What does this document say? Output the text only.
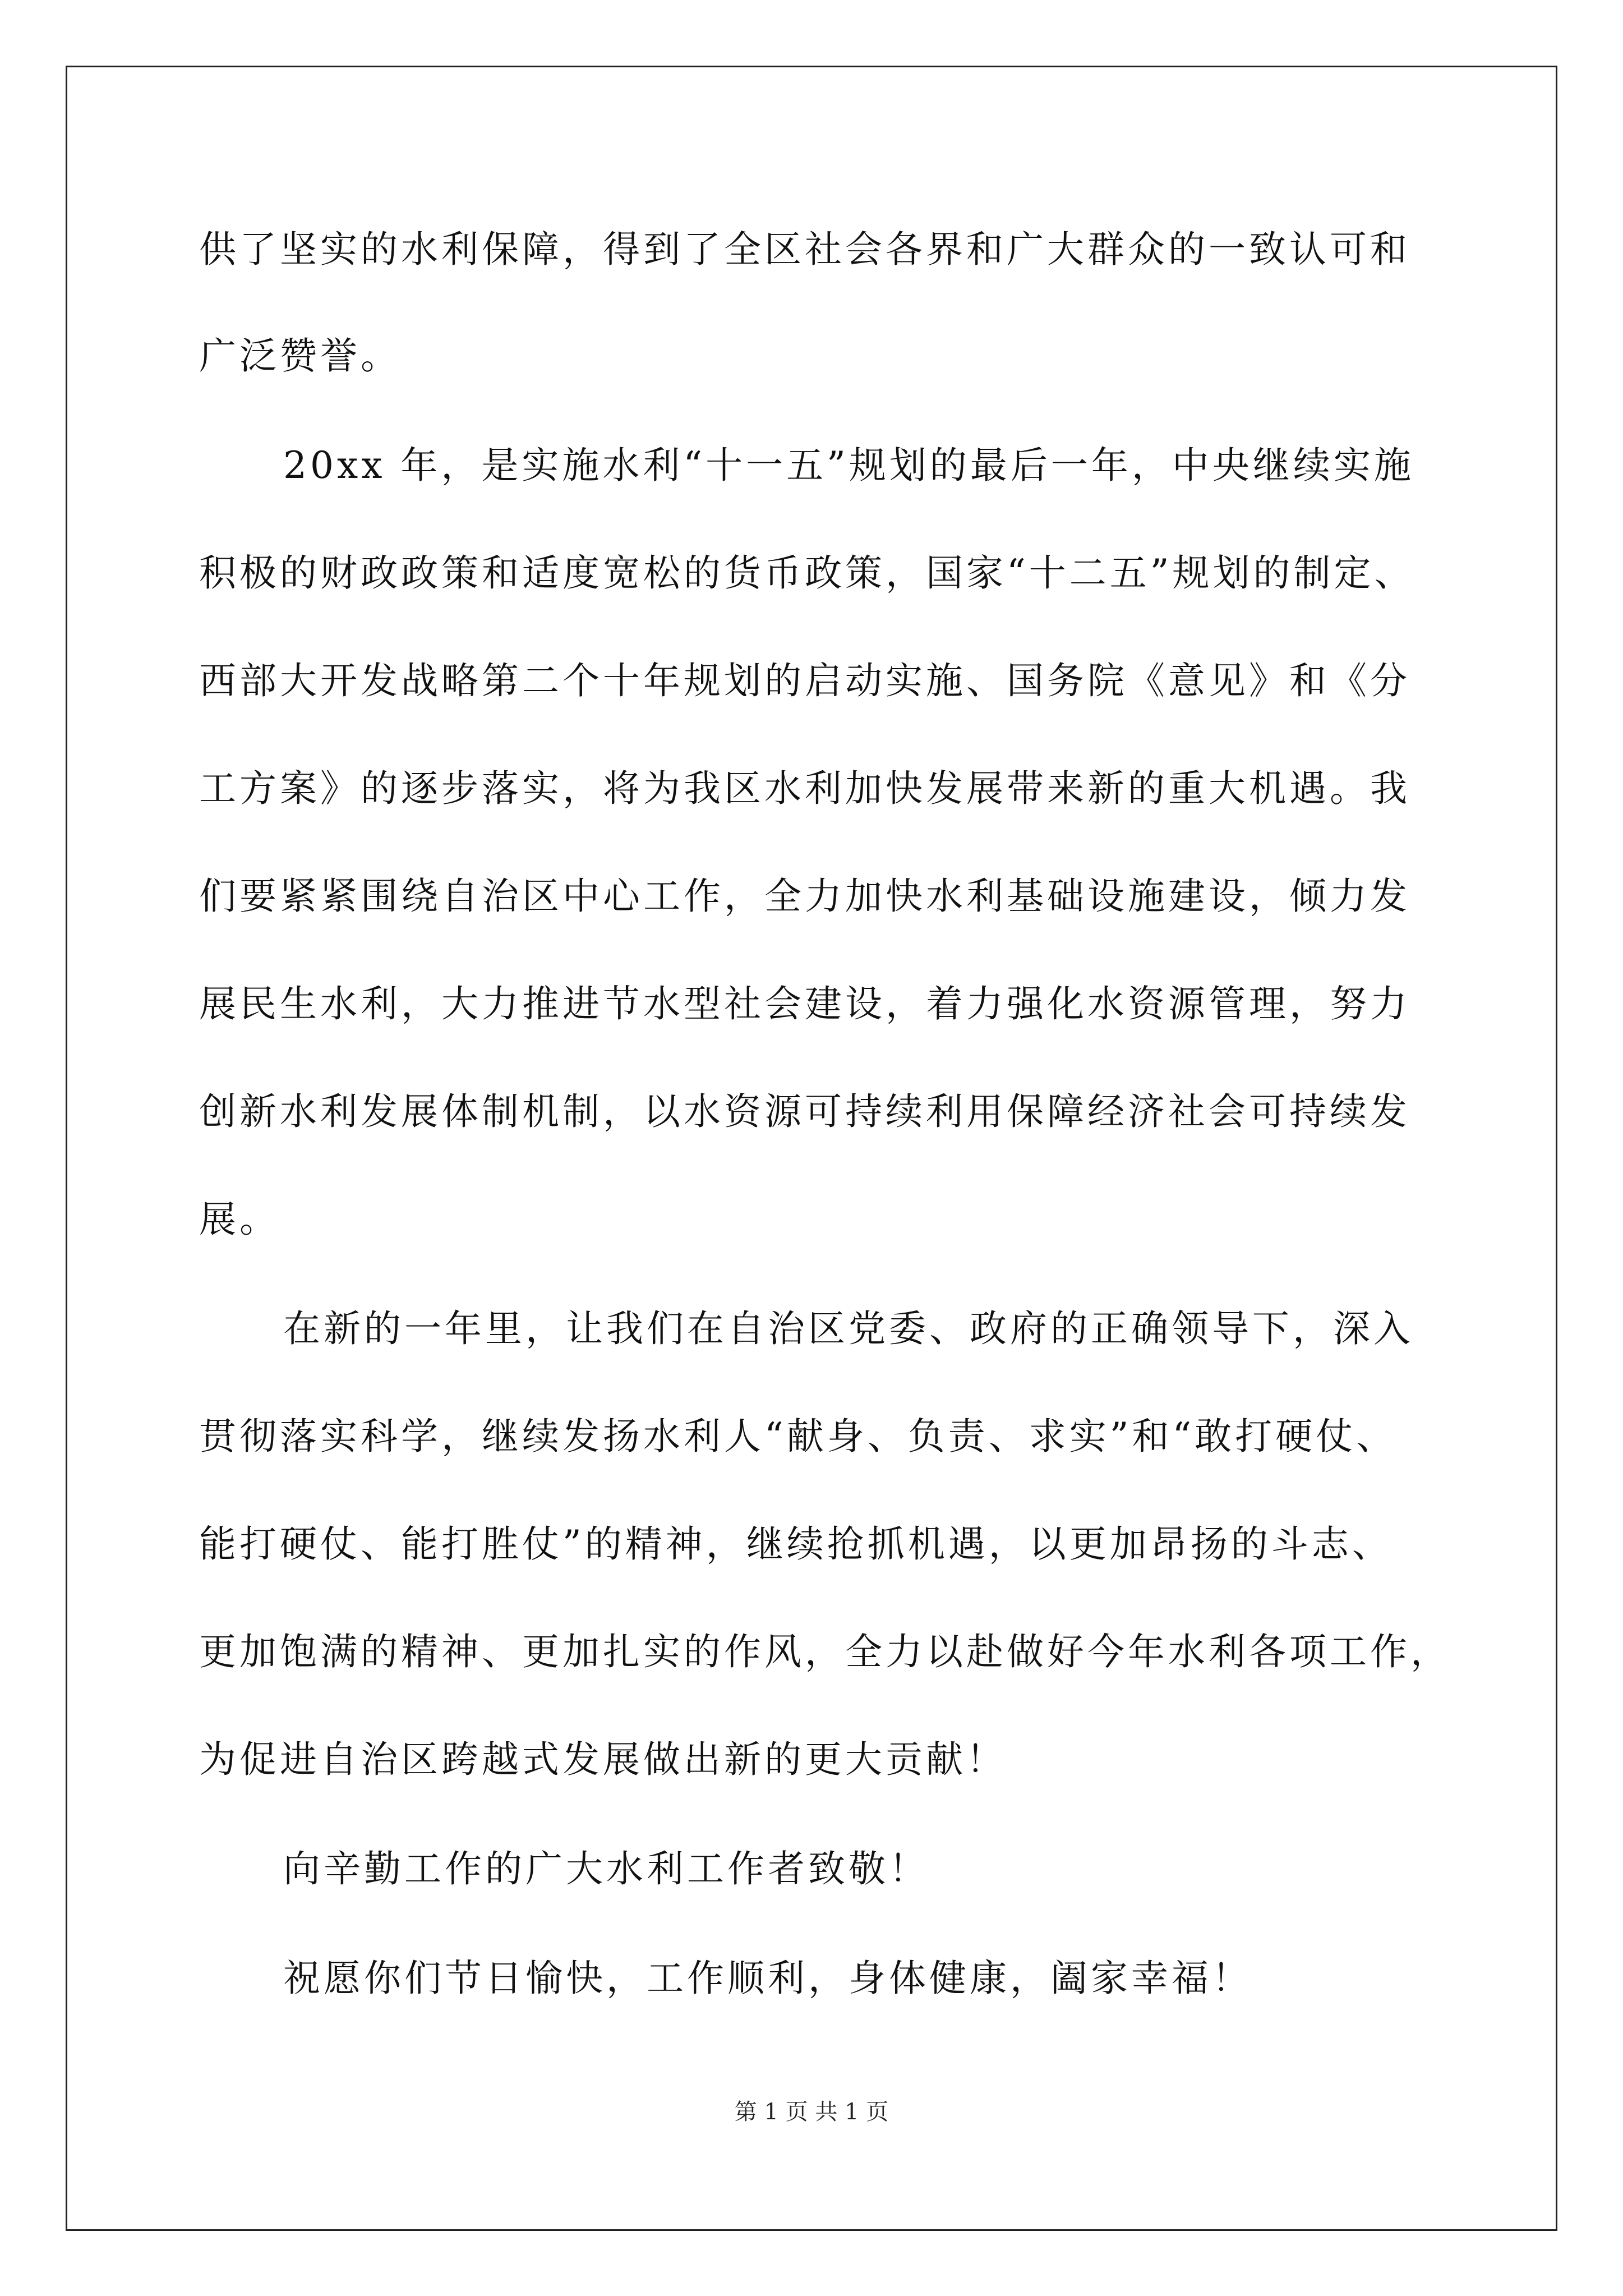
供了坚实的水利保障，得到了全区社会各界和广大群众的一致认可和
广泛赞誉。
20xx 年，是实施水利“十一五”规划的最后一年，中央继续实施
积极的财政政策和适度宽松的货币政策，国家“十二五”规划的制定、
西部大开发战略第二个十年规划的启动实施、国务院《意见》和《分
工方案》的逐步落实，将为我区水利加快发展带来新的重大机遇。我
们要紧紧围绕自治区中心工作，全力加快水利基础设施建设，倾力发
展民生水利，大力推进节水型社会建设，着力强化水资源管理，努力
创新水利发展体制机制，以水资源可持续利用保障经济社会可持续发
展。
在新的一年里，让我们在自治区党委、政府的正确领导下，深入
贯彻落实科学，继续发扬水利人“献身、负责、求实”和“敢打硬仗、
能打硬仗、能打胜仗”的精神，继续抢抓机遇，以更加昂扬的斗志、
更加饱满的精神、更加扎实的作风，全力以赴做好今年水利各项工作，
为促进自治区跨越式发展做出新的更大贡献！
向辛勤工作的广大水利工作者致敬！
祝愿你们节日愉快，工作顺利，身体健康，阖家幸福！
第 1 页 共 1 页
